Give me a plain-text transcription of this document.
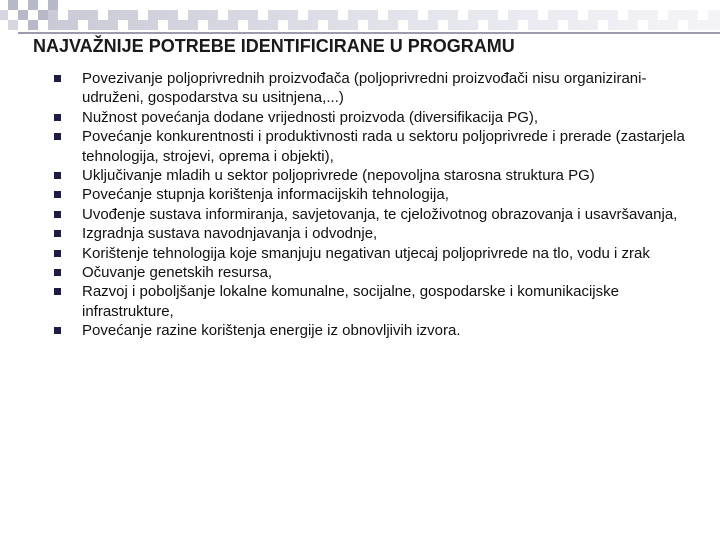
NAJVAŽNIJE POTREBE IDENTIFICIRANE U PROGRAMU
Povezivanje poljoprivrednih proizvođača (poljoprivredni proizvođači nisu organizirani-udruženi, gospodarstva su usitnjena,...)
Nužnost povećanja dodane vrijednosti proizvoda (diversifikacija PG),
Povećanje konkurentnosti i produktivnosti rada u sektoru poljoprivrede i prerade (zastarjela tehnologija, strojevi, oprema i objekti),
Uključivanje mladih u sektor poljoprivrede (nepovoljna starosna struktura PG)
Povećanje stupnja korištenja informacijskih tehnologija,
Uvođenje sustava informiranja, savjetovanja, te cjeloživotnog obrazovanja i usavršavanja,
Izgradnja sustava navodnjavanja i odvodnje,
Korištenje tehnologija koje smanjuju negativan utjecaj poljoprivrede na tlo, vodu i zrak
Očuvanje genetskih resursa,
Razvoj i poboljšanje lokalne komunalne, socijalne, gospodarske i komunikacijske infrastrukture,
Povećanje razine korištenja energije iz obnovljivih izvora.
